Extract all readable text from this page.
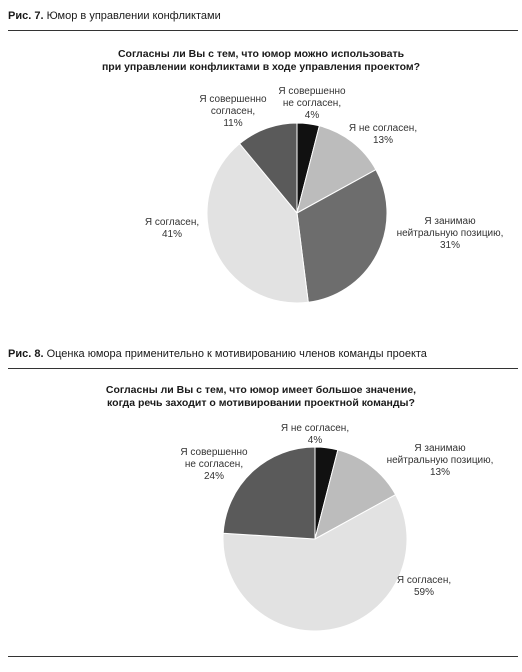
Рис. 7. Юмор в управлении конфликтами
Согласны ли Вы с тем, что юмор можно использовать
при управлении конфликтами в ходе управления проектом?
Я совершенно не согласен, 4%
Я не согласен, 13%
Я занимаю нейтральную позицию, 31%
Я согласен, 41%
Я совершенно согласен, 11%
Рис. 8. Оценка юмора применительно к мотивированию членов команды проекта
Согласны ли Вы с тем, что юмор имеет большое значение,
когда речь заходит о мотивировании проектной команды?
Я не согласен, 4%
Я занимаю нейтральную позицию, 13%
Я согласен, 59%
Я совершенно не согласен, 24%
